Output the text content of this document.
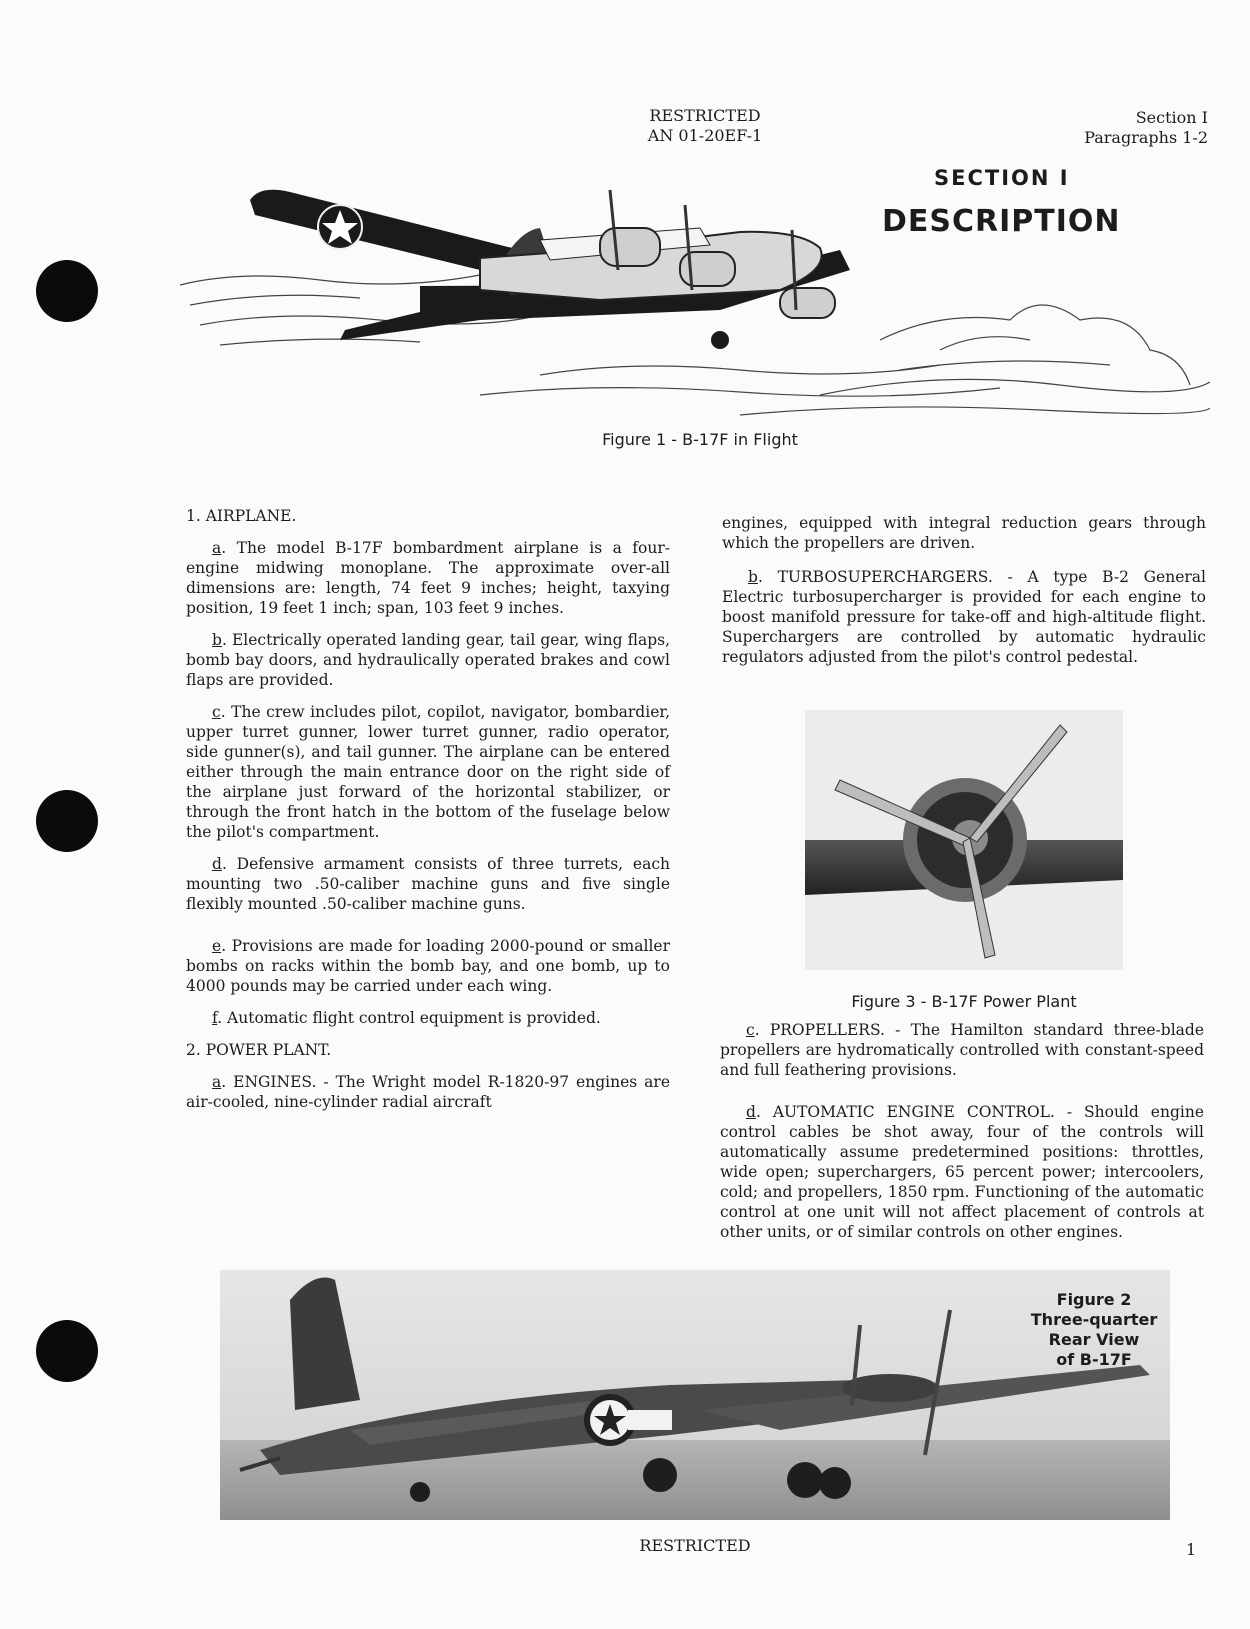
RESTRICTED
AN 01-20EF-1
Section I
Paragraphs 1-2
SECTION I
DESCRIPTION
Figure 1 - B-17F in Flight

1. AIRPLANE.

a. The model B-17F bombardment airplane is a four-engine midwing monoplane. The approximate over-all dimensions are: length, 74 feet 9 inches; height, taxying position, 19 feet 1 inch; span, 103 feet 9 inches.

b. Electrically operated landing gear, tail gear, wing flaps, bomb bay doors, and hydraulically operated brakes and cowl flaps are provided.

c. The crew includes pilot, copilot, navigator, bombardier, upper turret gunner, lower turret gunner, radio operator, side gunner(s), and tail gunner. The airplane can be entered either through the main entrance door on the right side of the airplane just forward of the horizontal stabilizer, or through the front hatch in the bottom of the fuselage below the pilot's compartment.

d. Defensive armament consists of three turrets, each mounting two .50-caliber machine guns and five single flexibly mounted .50-caliber machine guns.

e. Provisions are made for loading 2000-pound or smaller bombs on racks within the bomb bay, and one bomb, up to 4000 pounds may be carried under each wing.

f. Automatic flight control equipment is provided.

2. POWER PLANT.

a. ENGINES. - The Wright model R-1820-97 engines are air-cooled, nine-cylinder radial aircraft

engines, equipped with integral reduction gears through which the propellers are driven.

b. TURBOSUPERCHARGERS. - A type B-2 General Electric turbosupercharger is provided for each engine to boost manifold pressure for take-off and high-altitude flight. Superchargers are controlled by automatic hydraulic regulators adjusted from the pilot's control pedestal.

Figure 3 - B-17F Power Plant

c. PROPELLERS. - The Hamilton standard three-blade propellers are hydromatically controlled with constant-speed and full feathering provisions.

d. AUTOMATIC ENGINE CONTROL. - Should engine control cables be shot away, four of the controls will automatically assume predetermined positions: throttles, wide open; superchargers, 65 percent power; intercoolers, cold; and propellers, 1850 rpm. Functioning of the automatic control at one unit will not affect placement of controls at other units, or of similar controls on other engines.

Figure 2
Three-quarter
Rear View
of B-17F
RESTRICTED	1
